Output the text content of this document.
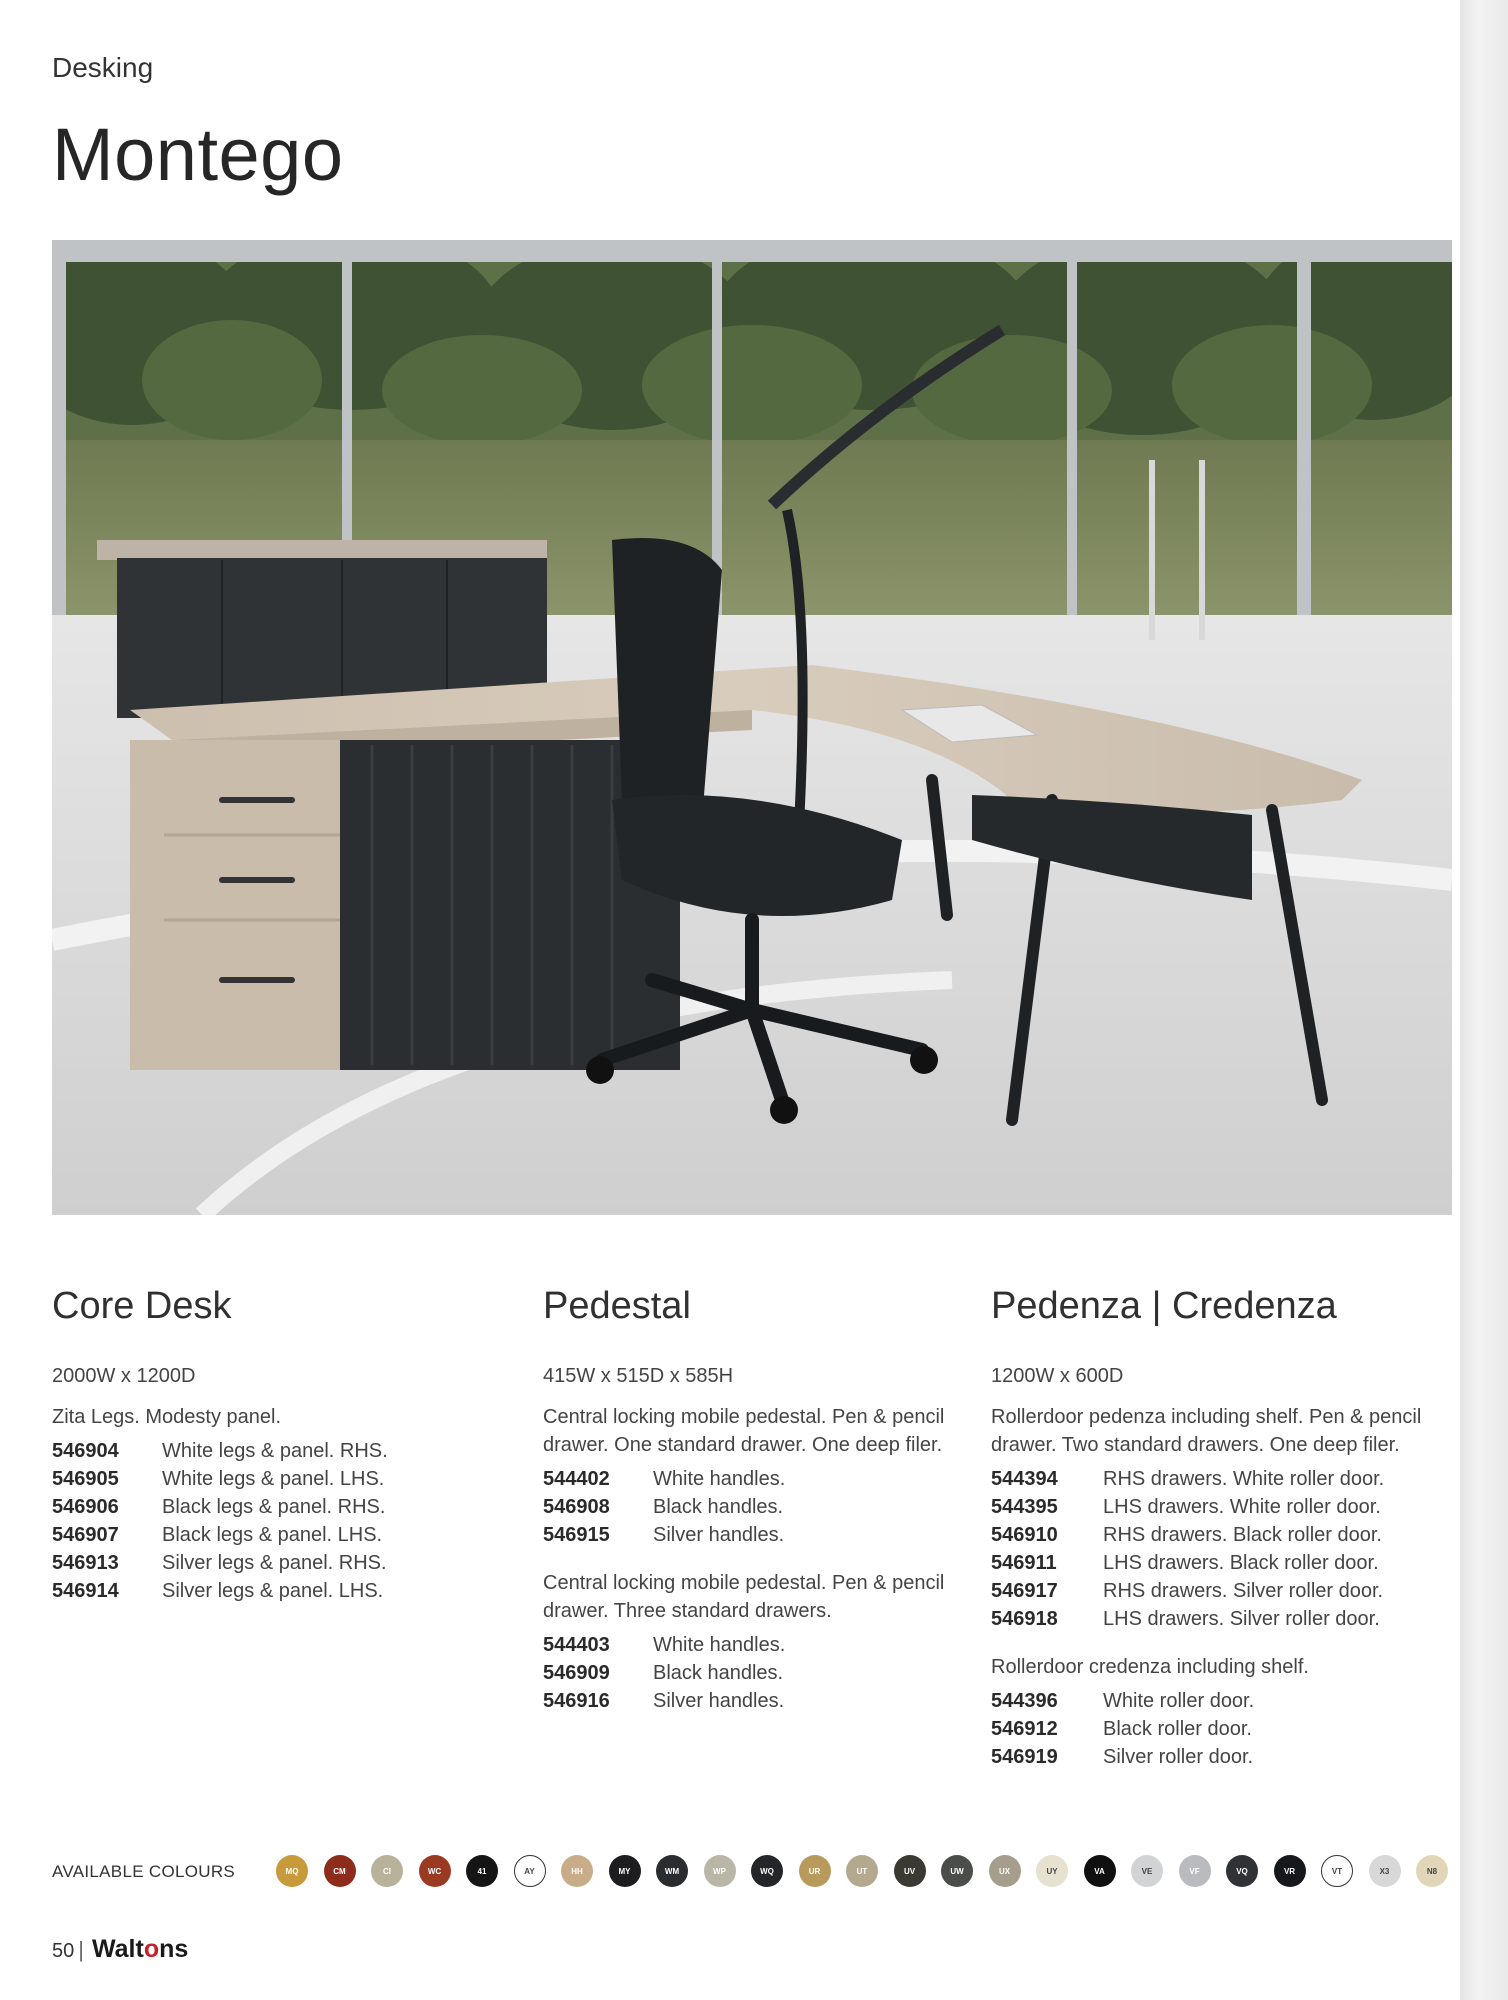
Desking
Montego
Core Desk
2000W x 1200D
Zita Legs. Modesty panel.
546904	White legs & panel. RHS.
546905	White legs & panel. LHS.
546906	Black legs & panel. RHS.
546907	Black legs & panel. LHS.
546913	Silver legs & panel. RHS.
546914	Silver legs & panel. LHS.
Pedestal
415W x 515D x 585H
Central locking mobile pedestal. Pen & pencil drawer. One standard drawer. One deep filer.
544402	White handles.
546908	Black handles.
546915	Silver handles.
Central locking mobile pedestal. Pen & pencil drawer. Three standard drawers.
544403	White handles.
546909	Black handles.
546916	Silver handles.
Pedenza | Credenza
1200W x 600D
Rollerdoor pedenza including shelf. Pen & pencil drawer. Two standard drawers. One deep filer.
544394	RHS drawers. White roller door.
544395	LHS drawers. White roller door.
546910	RHS drawers. Black roller door.
546911	LHS drawers. Black roller door.
546917	RHS drawers. Silver roller door.
546918	LHS drawers. Silver roller door.
Rollerdoor credenza including shelf.
544396	White roller door.
546912	Black roller door.
546919	Silver roller door.
AVAILABLE COLOURS	MQ	CM	CI	WC	41	AY	HH	MY	WM	WP	WQ	UR	UT	UV	UW	UX	UY	VA	VE	VF	VQ	VR	VT	X3	N8
50 | Waltons
